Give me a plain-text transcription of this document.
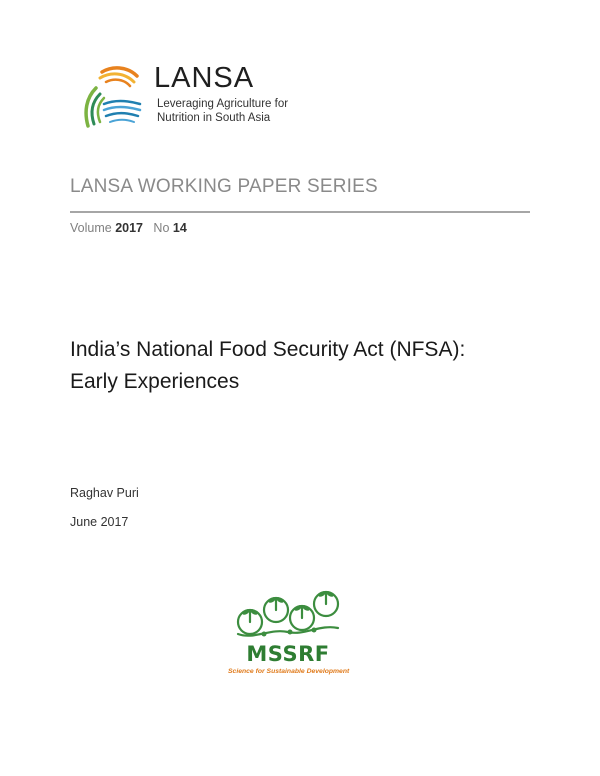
LANSA
Leveraging Agriculture for
Nutrition in South Asia
LANSA WORKING PAPER SERIES
Volume 2017 No 14
India’s National Food Security Act (NFSA):
Early Experiences
Raghav Puri
June 2017
MSSRF
Science for Sustainable Development
